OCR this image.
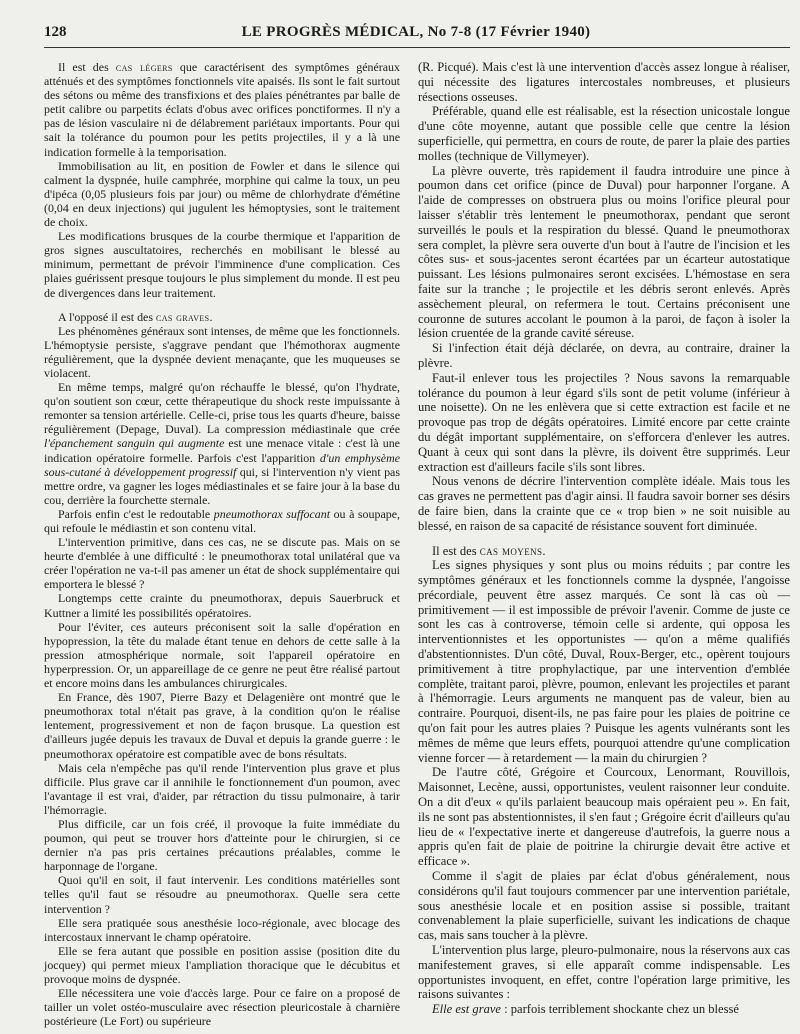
128	LE PROGRÈS MÉDICAL, No 7-8 (17 Février 1940)

Il est des cas légers que caractérisent des symptômes généraux atténués et des symptômes fonctionnels vite apaisés. Ils sont le fait surtout des sétons ou même des transfixions et des plaies pénétrantes par balle de petit calibre ou parpetits éclats d'obus avec orifices ponctiformes. Il n'y a pas de lésion vasculaire ni de délabrement pariétaux importants. Pour qui sait la tolérance du poumon pour les petits projectiles, il y a là une indication formelle à la temporisation.

Immobilisation au lit, en position de Fowler et dans le silence qui calment la dyspnée, huile camphrée, morphine qui calme la toux, un peu d'ipéca (0,05 plusieurs fois par jour) ou même de chlorhydrate d'émétine (0,04 en deux injections) qui jugulent les hémoptysies, sont le traitement de choix.

Les modifications brusques de la courbe thermique et l'apparition de gros signes auscultatoires, recherchés en mobilisant le blessé au minimum, permettant de prévoir l'imminence d'une complication. Ces plaies guérissent presque toujours le plus simplement du monde. Il est peu de divergences dans leur traitement.

A l'opposé il est des cas graves.

Les phénomènes généraux sont intenses, de même que les fonctionnels. L'hémoptysie persiste, s'aggrave pendant que l'hémothorax augmente régulièrement, que la dyspnée devient menaçante, que les muqueuses se violacent.

En même temps, malgré qu'on réchauffe le blessé, qu'on l'hydrate, qu'on soutient son cœur, cette thérapeutique du shock reste impuissante à remonter sa tension artérielle. Celle-ci, prise tous les quarts d'heure, baisse régulièrement (Depage, Duval). La compression médiastinale que crée l'épanchement sanguin qui augmente est une menace vitale : c'est là une indication opératoire formelle. Parfois c'est l'apparition d'un emphysème sous-cutané à développement progressif qui, si l'intervention n'y vient pas mettre ordre, va gagner les loges médiastinales et se faire jour à la base du cou, derrière la fourchette sternale.

Parfois enfin c'est le redoutable pneumothorax suffocant ou à soupape, qui refoule le médiastin et son contenu vital.

L'intervention primitive, dans ces cas, ne se discute pas. Mais on se heurte d'emblée à une difficulté : le pneumothorax total unilatéral que va créer l'opération ne va-t-il pas amener un état de shock supplémentaire qui emportera le blessé ?

Longtemps cette crainte du pneumothorax, depuis Sauerbruck et Kuttner a limité les possibilités opératoires.

Pour l'éviter, ces auteurs préconisent soit la salle d'opération en hypopression, la tête du malade étant tenue en dehors de cette salle à la pression atmosphérique normale, soit l'appareil opératoire en hyperpression. Or, un appareillage de ce genre ne peut être réalisé partout et encore moins dans les ambulances chirurgicales.

En France, dès 1907, Pierre Bazy et Delagenière ont montré que le pneumothorax total n'était pas grave, à la condition qu'on le réalise lentement, progressivement et non de façon brusque. La question est d'ailleurs jugée depuis les travaux de Duval et depuis la grande guerre : le pneumothorax opératoire est compatible avec de bons résultats.

Mais cela n'empêche pas qu'il rende l'intervention plus grave et plus difficile. Plus grave car il annihile le fonctionnement d'un poumon, avec l'avantage il est vrai, d'aider, par rétraction du tissu pulmonaire, à tarir l'hémorragie.

Plus difficile, car un fois créé, il provoque la fuite immédiate du poumon, qui peut se trouver hors d'atteinte pour le chirurgien, si ce dernier n'a pas pris certaines précautions préalables, comme le harponnage de l'organe.

Quoi qu'il en soit, il faut intervenir. Les conditions matérielles sont telles qu'il faut se résoudre au pneumothorax. Quelle sera cette intervention ?

Elle sera pratiquée sous anesthésie loco-régionale, avec blocage des intercostaux innervant le champ opératoire.

Elle se fera autant que possible en position assise (position dite du jocquey) qui permet mieux l'ampliation thoracique que le décubitus et provoque moins de dyspnée.

Elle nécessitera une voie d'accès large. Pour ce faire on a proposé de tailler un volet ostéo-musculaire avec résection pleuricostale à charnière postérieure (Le Fort) ou supérieure

(R. Picqué). Mais c'est là une intervention d'accès assez longue à réaliser, qui nécessite des ligatures intercostales nombreuses, et plusieurs résections osseuses.

Préférable, quand elle est réalisable, est la résection unicostale longue d'une côte moyenne, autant que possible celle que centre la lésion superficielle, qui permettra, en cours de route, de parer la plaie des parties molles (technique de Villymeyer).

La plèvre ouverte, très rapidement il faudra introduire une pince à poumon dans cet orifice (pince de Duval) pour harponner l'organe. A l'aide de compresses on obstruera plus ou moins l'orifice pleural pour laisser s'établir très lentement le pneumothorax, pendant que seront surveillés le pouls et la respiration du blessé. Quand le pneumothorax sera complet, la plèvre sera ouverte d'un bout à l'autre de l'incision et les côtes sus- et sous-jacentes seront écartées par un écarteur autostatique puissant. Les lésions pulmonaires seront excisées. L'hémostase en sera faite sur la tranche ; le projectile et les débris seront enlevés. Après assèchement pleural, on refermera le tout. Certains préconisent une couronne de sutures accolant le poumon à la paroi, de façon à isoler la lésion cruentée de la grande cavité séreuse.

Si l'infection était déjà déclarée, on devra, au contraire, drainer la plèvre.

Faut-il enlever tous les projectiles ? Nous savons la remarquable tolérance du poumon à leur égard s'ils sont de petit volume (inférieur à une noisette). On ne les enlèvera que si cette extraction est facile et ne provoque pas trop de dégâts opératoires. Limité encore par cette crainte du dégât important supplémentaire, on s'efforcera d'enlever les autres. Quant à ceux qui sont dans la plèvre, ils doivent être supprimés. Leur extraction est d'ailleurs facile s'ils sont libres.

Nous venons de décrire l'intervention complète idéale. Mais tous les cas graves ne permettent pas d'agir ainsi. Il faudra savoir borner ses désirs de faire bien, dans la crainte que ce « trop bien » ne soit nuisible au blessé, en raison de sa capacité de résistance souvent fort diminuée.

Il est des cas moyens.

Les signes physiques y sont plus ou moins réduits ; par contre les symptômes généraux et les fonctionnels comme la dyspnée, l'angoisse précordiale, peuvent être assez marqués. Ce sont là cas où — primitivement — il est impossible de prévoir l'avenir. Comme de juste ce sont les cas à controverse, témoin celle si ardente, qui opposa les interventionnistes et les opportunistes — qu'on a même qualifiés d'abstentionnistes. D'un côté, Duval, Roux-Berger, etc., opèrent toujours primitivement à titre prophylactique, par une intervention d'emblée complète, traitant paroi, plèvre, poumon, enlevant les projectiles et parant à l'hémorragie. Leurs arguments ne manquent pas de valeur, bien au contraire. Pourquoi, disent-ils, ne pas faire pour les plaies de poitrine ce qu'on fait pour les autres plaies ? Puisque les agents vulnérants sont les mêmes de même que leurs effets, pourquoi attendre qu'une complication vienne forcer — à retardement — la main du chirurgien ?

De l'autre côté, Grégoire et Courcoux, Lenormant, Rouvillois, Maisonnet, Lecène, aussi, opportunistes, veulent raisonner leur conduite. On a dit d'eux « qu'ils parlaient beaucoup mais opéraient peu ». En fait, ils ne sont pas abstentionnistes, il s'en faut ; Grégoire écrit d'ailleurs qu'au lieu de « l'expectative inerte et dangereuse d'autrefois, la guerre nous a appris qu'en fait de plaie de poitrine la chirurgie devait être active et efficace ».

Comme il s'agit de plaies par éclat d'obus généralement, nous considérons qu'il faut toujours commencer par une intervention pariétale, sous anesthésie locale et en position assise si possible, traitant convenablement la plaie superficielle, suivant les indications de chaque cas, mais sans toucher à la plèvre.

L'intervention plus large, pleuro-pulmonaire, nous la réservons aux cas manifestement graves, si elle apparaît comme indispensable. Les opportunistes invoquent, en effet, contre l'opération large primitive, les raisons suivantes :

Elle est grave : parfois terriblement shockante chez un blessé
